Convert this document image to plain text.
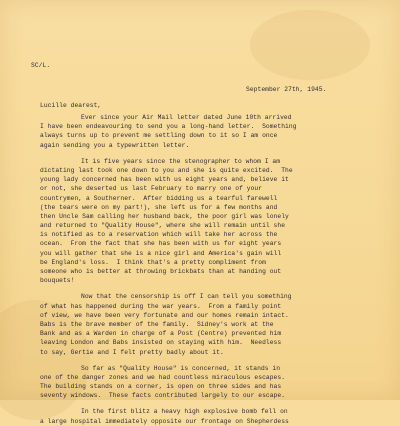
SC/L.
September 27th, 1945.
Lucille dearest,
Ever since your Air Mail letter dated June 10th arrived
I have been endeavouring to send you a long-hand letter.  Something
always turns up to prevent me settling down to it so I am once
again sending you a typewritten letter.
It is five years since the stenographer to whom I am
dictating last took one down to you and she is quite excited.  The
young lady concerned has been with us eight years and, believe it
or not, she deserted us last February to marry one of your
countrymen, a Southerner.  After bidding us a tearful farewell
(the tears were on my part!), she left us for a few months and
then Uncle Sam calling her husband back, the poor girl was lonely
and returned to "Quality House", where she will remain until she
is notified as to a reservation which will take her across the
ocean.  From the fact that she has been with us for eight years
you will gather that she is a nice girl and America's gain will
be England's loss.  I think that's a pretty compliment from
someone who is better at throwing brickbats than at handing out
bouquets!
Now that the censorship is off I can tell you something
of what has happened during the war years.  From a family point
of view, we have been very fortunate and our homes remain intact.
Babs is the brave member of the family.  Sidney's work at the
Bank and as a Warden in charge of a Post (Centre) prevented him
leaving London and Babs insisted on staying with him.  Needless
to say, Gertie and I felt pretty badly about it.
So far as "Quality House" is concerned, it stands in
one of the danger zones and we had countless miraculous escapes.
The building stands on a corner, is open on three sides and has
seventy windows.  These facts contributed largely to our escape.
In the first blitz a heavy high explosive bomb fell on
a large hospital immediately opposite our frontage on Shepherdess
